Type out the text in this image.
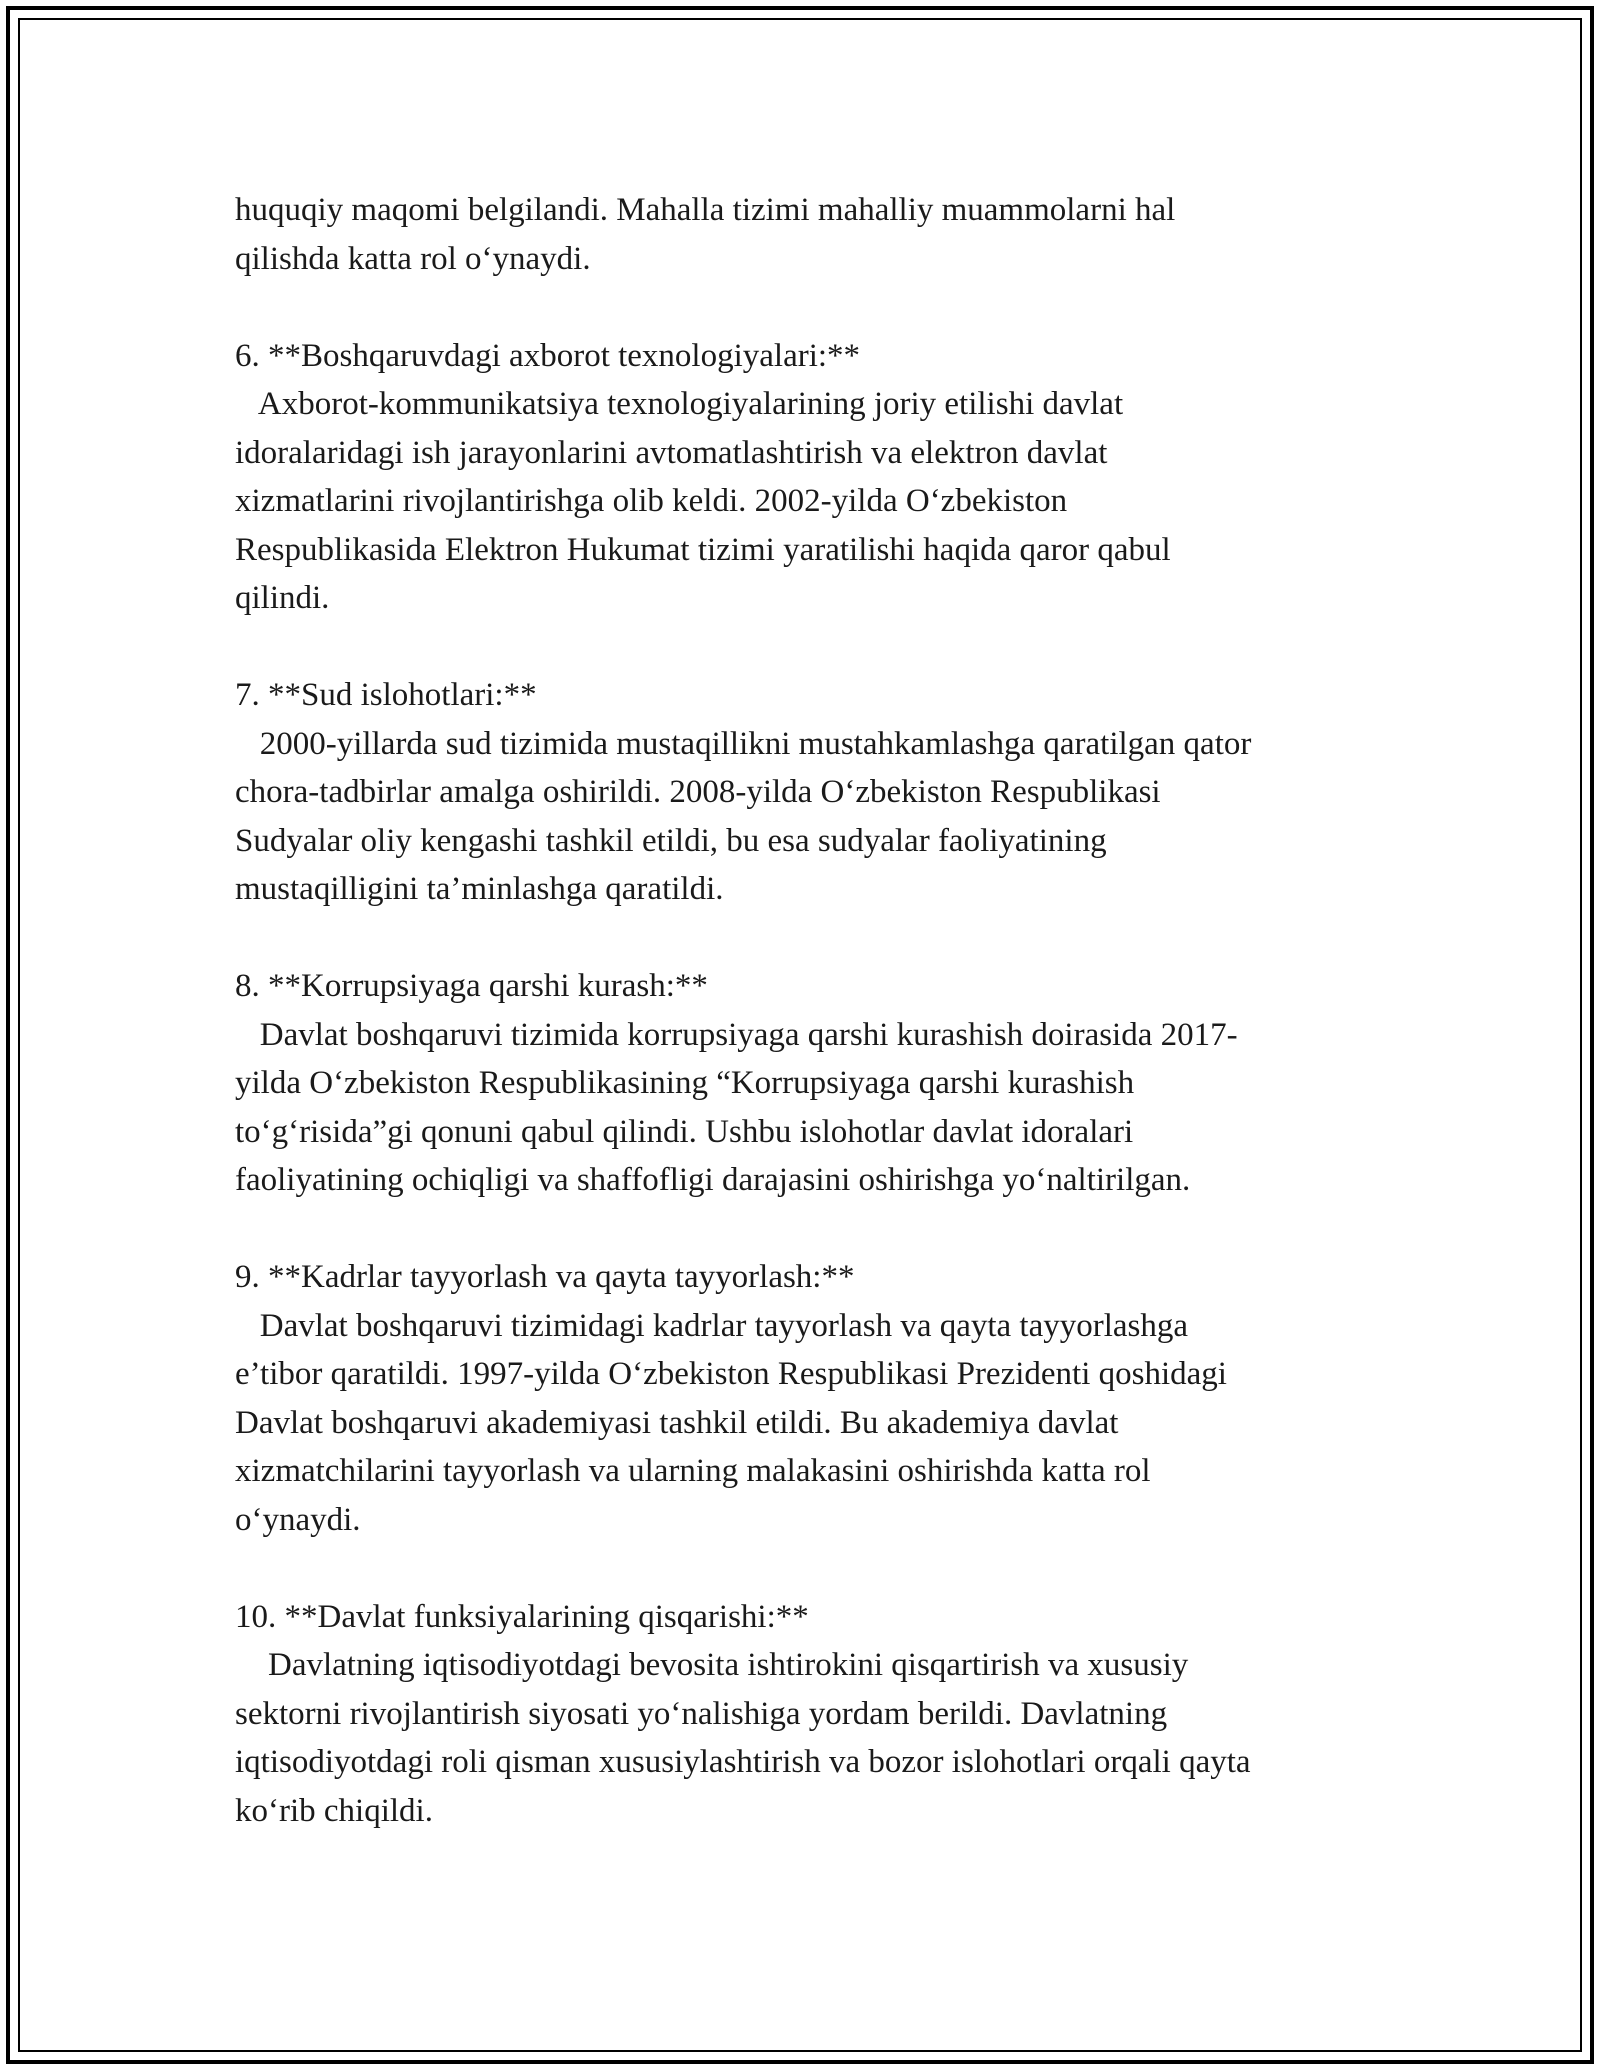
huquqiy maqomi belgilandi. Mahalla tizimi mahalliy muammolarni hal
qilishda katta rol o‘ynaydi.
6. **Boshqaruvdagi axborot texnologiyalari:**
Axborot-kommunikatsiya texnologiyalarining joriy etilishi davlat
idoralaridagi ish jarayonlarini avtomatlashtirish va elektron davlat
xizmatlarini rivojlantirishga olib keldi. 2002-yilda O‘zbekiston
Respublikasida Elektron Hukumat tizimi yaratilishi haqida qaror qabul
qilindi.
7. **Sud islohotlari:**
2000-yillarda sud tizimida mustaqillikni mustahkamlashga qaratilgan qator
chora-tadbirlar amalga oshirildi. 2008-yilda O‘zbekiston Respublikasi
Sudyalar oliy kengashi tashkil etildi, bu esa sudyalar faoliyatining
mustaqilligini ta’minlashga qaratildi.
8. **Korrupsiyaga qarshi kurash:**
Davlat boshqaruvi tizimida korrupsiyaga qarshi kurashish doirasida 2017-
yilda O‘zbekiston Respublikasining “Korrupsiyaga qarshi kurashish
to‘g‘risida”gi qonuni qabul qilindi. Ushbu islohotlar davlat idoralari
faoliyatining ochiqligi va shaffofligi darajasini oshirishga yo‘naltirilgan.
9. **Kadrlar tayyorlash va qayta tayyorlash:**
Davlat boshqaruvi tizimidagi kadrlar tayyorlash va qayta tayyorlashga
e’tibor qaratildi. 1997-yilda O‘zbekiston Respublikasi Prezidenti qoshidagi
Davlat boshqaruvi akademiyasi tashkil etildi. Bu akademiya davlat
xizmatchilarini tayyorlash va ularning malakasini oshirishda katta rol
o‘ynaydi.
10. **Davlat funksiyalarining qisqarishi:**
Davlatning iqtisodiyotdagi bevosita ishtirokini qisqartirish va xususiy
sektorni rivojlantirish siyosati yo‘nalishiga yordam berildi. Davlatning
iqtisodiyotdagi roli qisman xususiylashtirish va bozor islohotlari orqali qayta
ko‘rib chiqildi.
